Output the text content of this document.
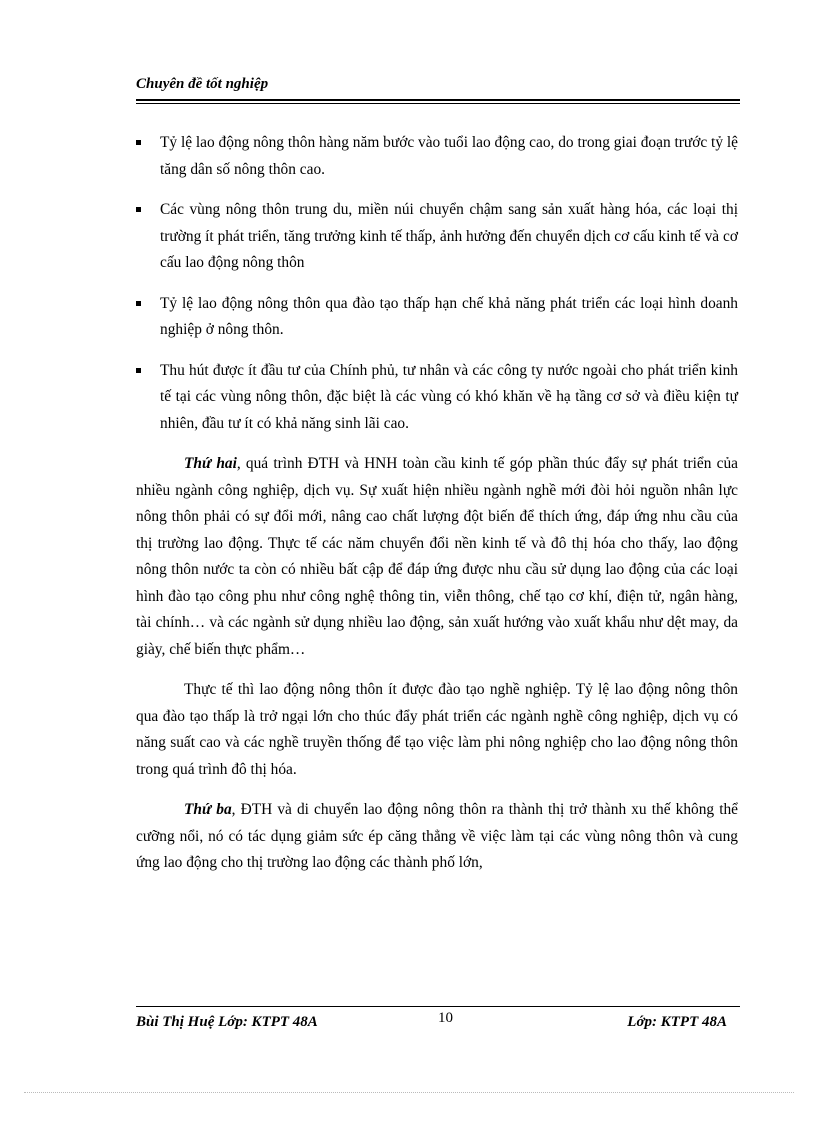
Chuyên đề tốt nghiệp
Tỷ lệ lao động nông thôn hàng năm bước vào tuổi lao động cao, do trong giai đoạn trước tỷ lệ tăng dân số nông thôn cao.
Các vùng nông thôn trung du, miền núi chuyển chậm sang sản xuất hàng hóa, các loại thị trường ít phát triển, tăng trưởng kinh tế thấp, ảnh hưởng đến chuyển dịch cơ cấu kinh tế và cơ cấu lao động nông thôn
Tỷ lệ lao động nông thôn qua đào tạo thấp hạn chế khả năng phát triển các loại hình doanh nghiệp ở nông thôn.
Thu hút được ít đầu tư của Chính phủ, tư nhân và các công ty nước ngoài cho phát triển kinh tế tại các vùng nông thôn, đặc biệt là các vùng có khó khăn về hạ tầng cơ sở và điều kiện tự nhiên, đầu tư ít có khả năng sinh lãi cao.

Thứ hai, quá trình ĐTH và HNH toàn cầu kinh tế góp phần thúc đẩy sự phát triển của nhiều ngành công nghiệp, dịch vụ. Sự xuất hiện nhiều ngành nghề mới đòi hỏi nguồn nhân lực nông thôn phải có sự đổi mới, nâng cao chất lượng đột biến để thích ứng, đáp ứng nhu cầu của thị trường lao động. Thực tế các năm chuyển đổi nền kinh tế và đô thị hóa cho thấy, lao động nông thôn nước ta còn có nhiều bất cập để đáp ứng được nhu cầu sử dụng lao động của các loại hình đào tạo công phu như công nghệ thông tin, viễn thông, chế tạo cơ khí, điện tử, ngân hàng, tài chính… và các ngành sử dụng nhiều lao động, sản xuất hướng vào xuất khẩu như dệt may, da giày, chế biến thực phẩm…

Thực tế thì lao động nông thôn ít được đào tạo nghề nghiệp. Tỷ lệ lao động nông thôn qua đào tạo thấp là trở ngại lớn cho thúc đẩy phát triển các ngành nghề công nghiệp, dịch vụ có năng suất cao và các nghề truyền thống để tạo việc làm phi nông nghiệp cho lao động nông thôn trong quá trình đô thị hóa.

Thứ ba, ĐTH và di chuyển lao động nông thôn ra thành thị trở thành xu thế không thể cưỡng nổi, nó có tác dụng giảm sức ép căng thẳng về việc làm tại các vùng nông thôn và cung ứng lao động cho thị trường lao động các thành phố lớn,

Bùi Thị Huệ Lớp: KTPT 48A	10	Lớp: KTPT 48A
